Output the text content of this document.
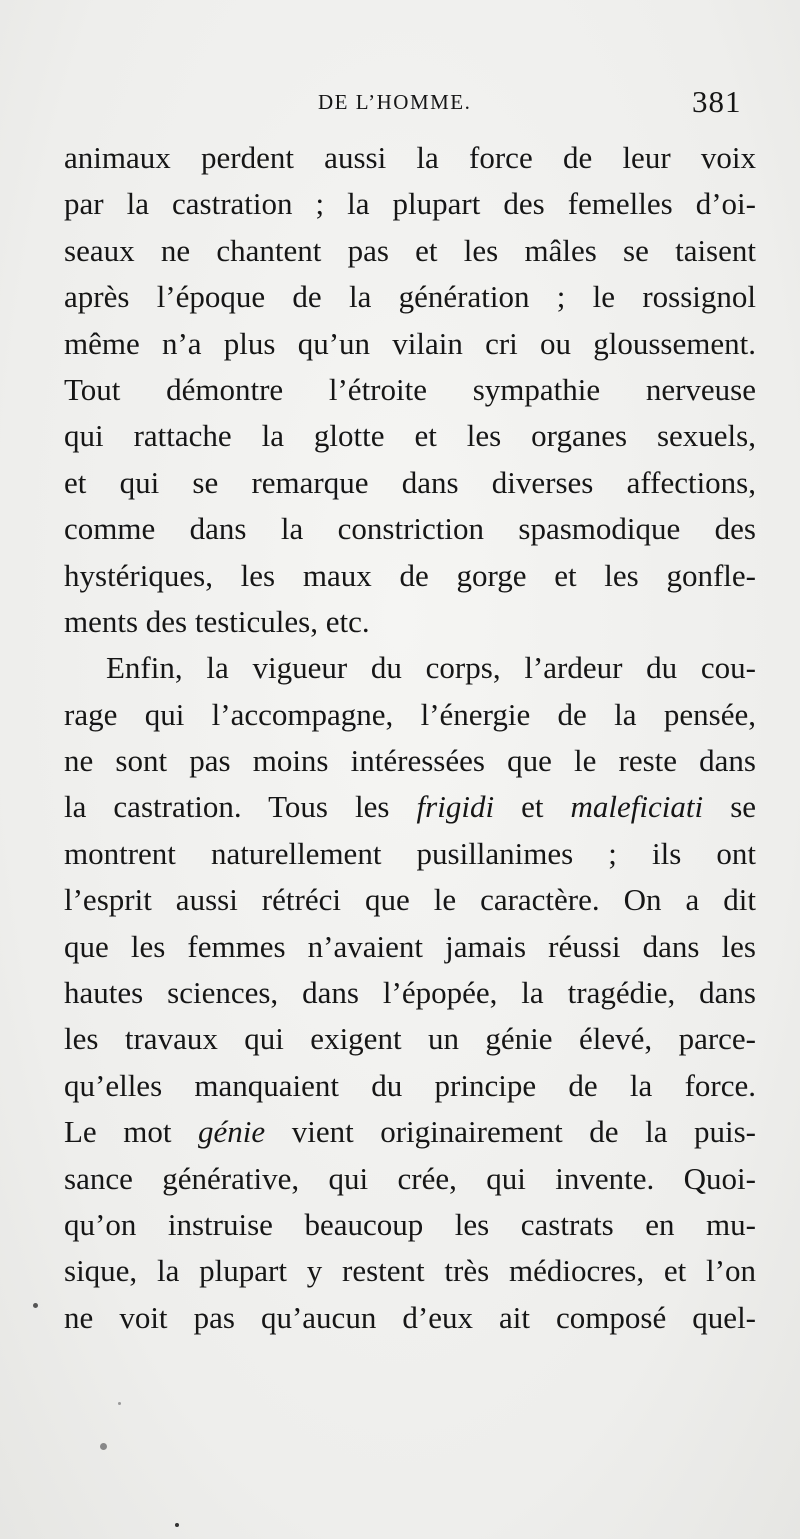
DE L’HOMME.	381
animaux perdent aussi la force de leur voix
par la castration ; la plupart des femelles d’oi-
seaux ne chantent pas et les mâles se taisent
après l’époque de la génération ; le rossignol
même n’a plus qu’un vilain cri ou gloussement.
Tout démontre l’étroite sympathie nerveuse
qui rattache la glotte et les organes sexuels,
et qui se remarque dans diverses affections,
comme dans la constriction spasmodique des
hystériques, les maux de gorge et les gonfle-
ments des testicules, etc.
Enfin, la vigueur du corps, l’ardeur du cou-
rage qui l’accompagne, l’énergie de la pensée,
ne sont pas moins intéressées que le reste dans
la castration. Tous les frigidi et maleficiati se
montrent naturellement pusillanimes ; ils ont
l’esprit aussi rétréci que le caractère. On a dit
que les femmes n’avaient jamais réussi dans les
hautes sciences, dans l’épopée, la tragédie, dans
les travaux qui exigent un génie élevé, parce-
qu’elles manquaient du principe de la force.
Le mot génie vient originairement de la puis-
sance générative, qui crée, qui invente. Quoi-
qu’on instruise beaucoup les castrats en mu-
sique, la plupart y restent très médiocres, et l’on
ne voit pas qu’aucun d’eux ait composé quel-
